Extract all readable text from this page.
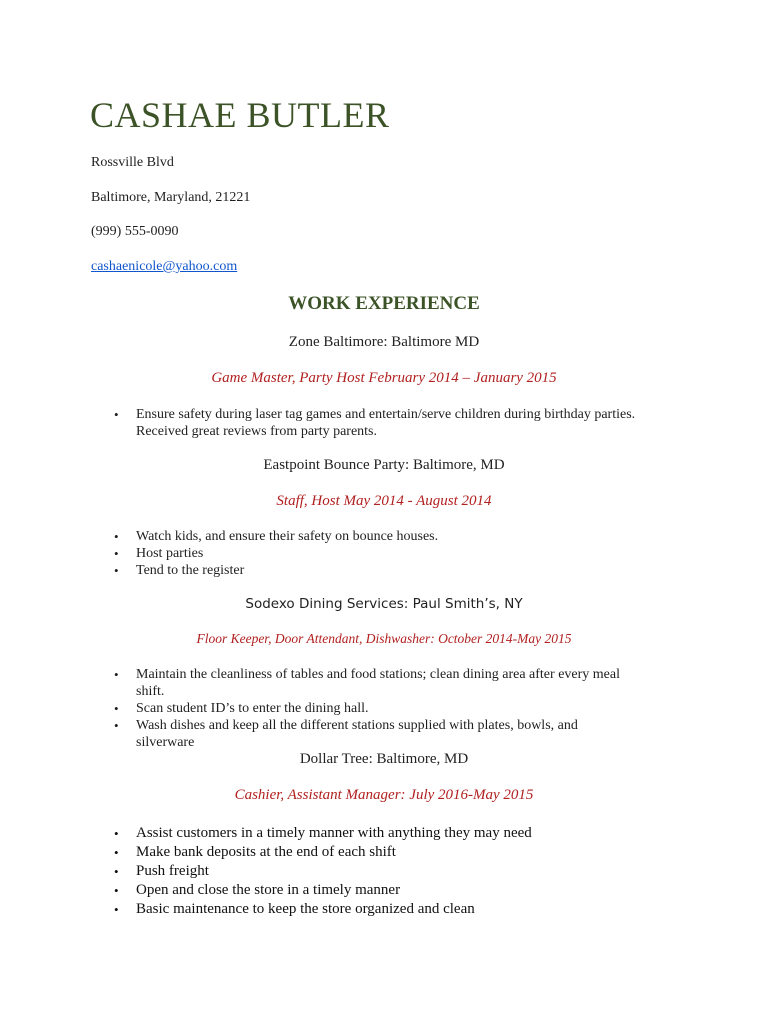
CASHAE BUTLER
Rossville Blvd
Baltimore, Maryland, 21221
(999) 555-0090
cashaenicole@yahoo.com
WORK EXPERIENCE
Zone Baltimore: Baltimore MD
Game Master, Party Host February 2014 – January 2015
• Ensure safety during laser tag games and entertain/serve children during birthday parties. Received great reviews from party parents.
Eastpoint Bounce Party: Baltimore, MD
Staff, Host May 2014 - August 2014
• Watch kids, and ensure their safety on bounce houses.
• Host parties
• Tend to the register
Sodexo Dining Services: Paul Smith’s, NY
Floor Keeper, Door Attendant, Dishwasher: October 2014-May 2015
• Maintain the cleanliness of tables and food stations; clean dining area after every meal shift.
• Scan student ID’s to enter the dining hall.
• Wash dishes and keep all the different stations supplied with plates, bowls, and silverware
Dollar Tree: Baltimore, MD
Cashier, Assistant Manager: July 2016-May 2015
• Assist customers in a timely manner with anything they may need
• Make bank deposits at the end of each shift
• Push freight
• Open and close the store in a timely manner
• Basic maintenance to keep the store organized and clean
